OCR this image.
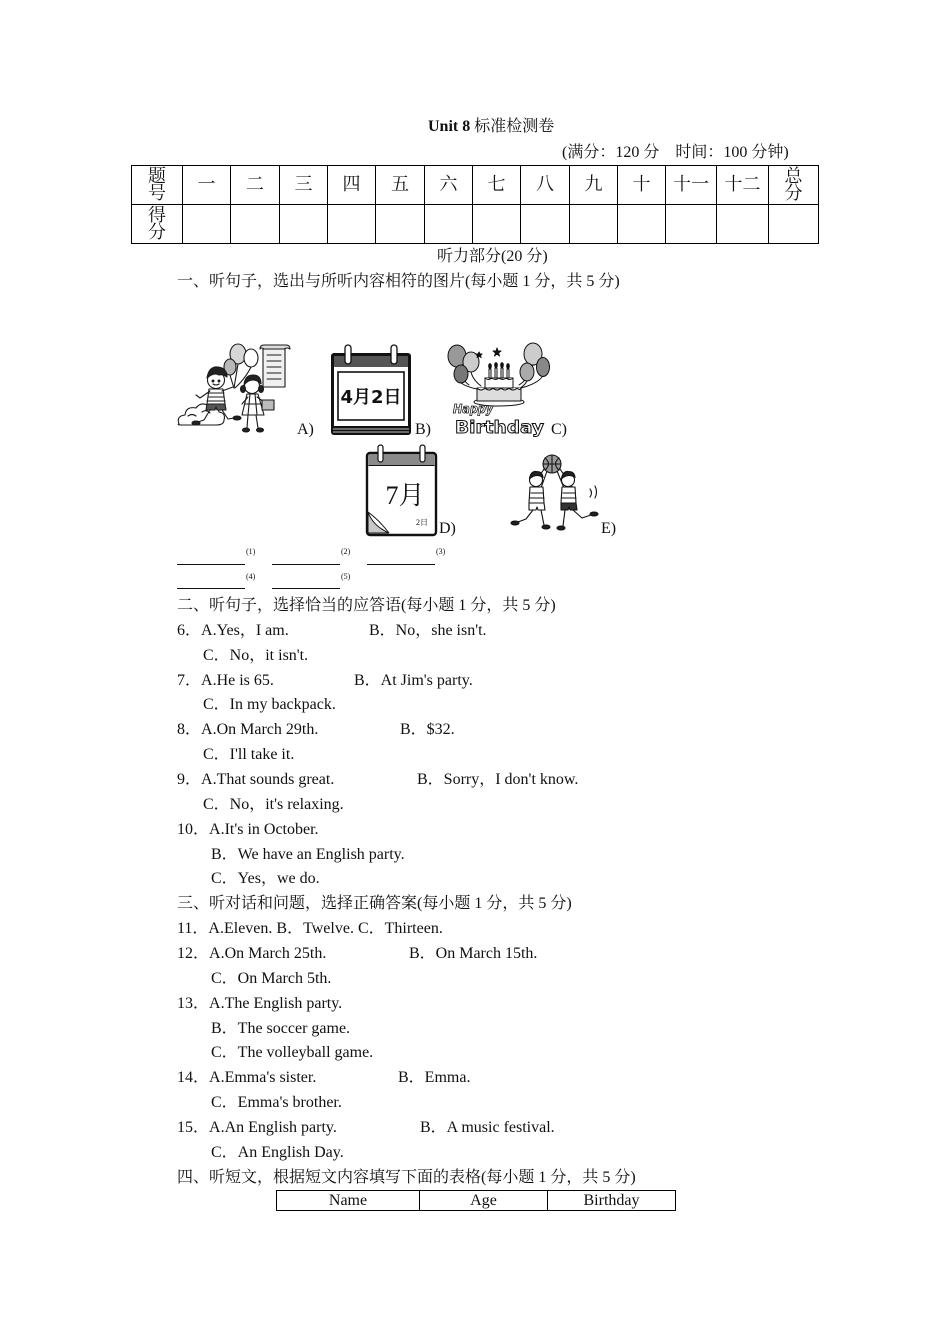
Unit 8 标准检测卷
(满分：120 分　时间：100 分钟)
题号	一	二	三	四	五	六	七	八	九	十	十一	十二	总分
得分													
听力部分(20 分)
一、听句子，选出与所听内容相符的图片(每小题 1 分，共 5 分)
A)
4月2日
B)
Happy
Birthday C)
7月
2日 D)	E)
(1)	(2)	(3)
(4)	(5)
二、听句子，选择恰当的应答语(每小题 1 分，共 5 分)
6．A.Yes，I am.	B．No，she isn't.
C．No，it isn't.
7．A.He is 65.	B．At Jim's party.
C．In my backpack.
8．A.On March 29th.	B．$32.
C．I'll take it.
9．A.That sounds great.	B．Sorry，I don't know.
C．No，it's relaxing.
10．A.It's in October.
B．We have an English party.
C．Yes，we do.
三、听对话和问题，选择正确答案(每小题 1 分，共 5 分)
11．A.Eleven. B．Twelve. C．Thirteen.
12．A.On March 25th.	B．On March 15th.
C．On March 5th.
13．A.The English party.
B．The soccer game.
C．The volleyball game.
14．A.Emma's sister.	B．Emma.
C．Emma's brother.
15．A.An English party.	B．A music festival.
C．An English Day.
四、听短文，根据短文内容填写下面的表格(每小题 1 分，共 5 分)
Name	Age	Birthday
